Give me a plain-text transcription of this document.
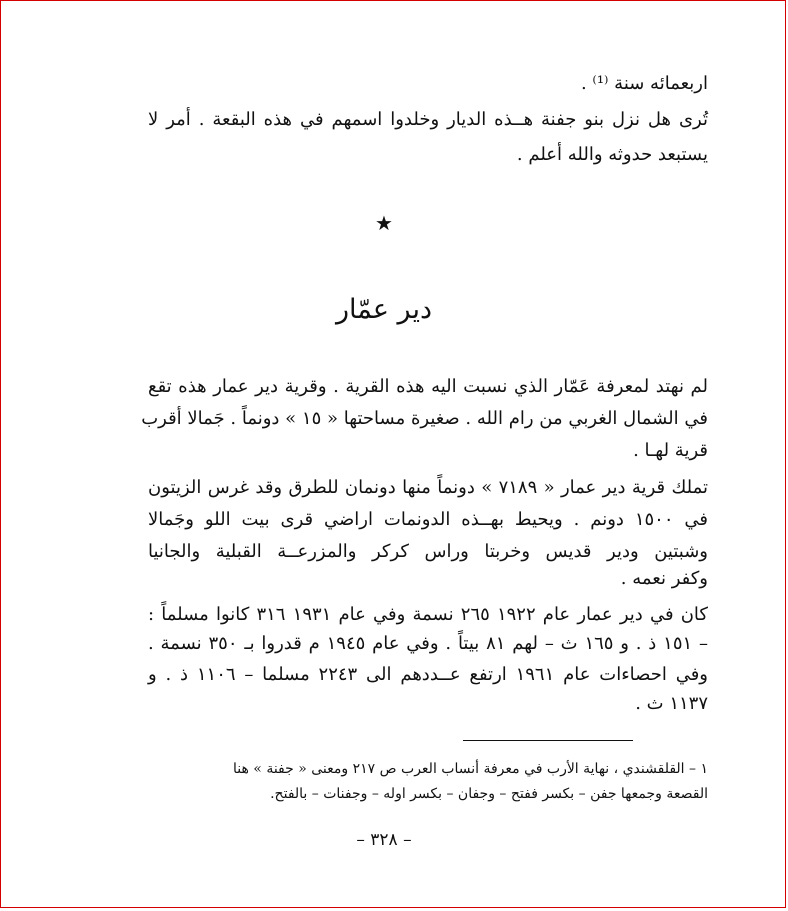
اربعمائه سنة ⁽¹⁾ .
تُرى هل نزل بنو جفنة هــذه الديار وخلدوا اسمهم في هذه البقعة . أمر لا
يستبعد حدوثه والله أعلم .
★
دير عمّار
لم نهتد لمعرفة عَمّار الذي نسبت اليه هذه القرية . وقرية دير عمار هذه تقع
في الشمال الغربي من رام الله . صغيرة مساحتها « ١٥ » دونماً . جَمالا أقرب
قرية لهـا .
تملك قرية دير عمار « ٧١٨٩ » دونماً منها دونمان للطرق وقد غرس الزيتون
في ١٥٠٠ دونم . ويحيط بهــذه الدونمات اراضي قرى بيت اللو وجَمالا
وشبتين ودير قديس وخربتا وراس كركر والمزرعــة القبلية والجانيا
وكفر نعمه .
كان في دير عمار عام ١٩٢٢ ٢٦٥ نسمة وفي عام ١٩٣١ ٣١٦ كانوا مسلماً :
– ١٥١ ذ . و ١٦٥ ث – لهم ٨١ بيتاً . وفي عام ١٩٤٥ م قدروا بـ ٣٥٠ نسمة .
وفي احصاءات عام ١٩٦١ ارتفع عــددهم الى ٢٢٤٣ مسلما – ١١٠٦ ذ . و
١١٣٧ ث .
١ – القلقشندي ، نهاية الأرب في معرفة أنساب العرب ص ٢١٧ ومعنى « جفنة » هنا
القصعة وجمعها جفن – بكسر ففتح – وجفان – بكسر اوله – وجفنات – بالفتح.
– ٣٢٨ –
